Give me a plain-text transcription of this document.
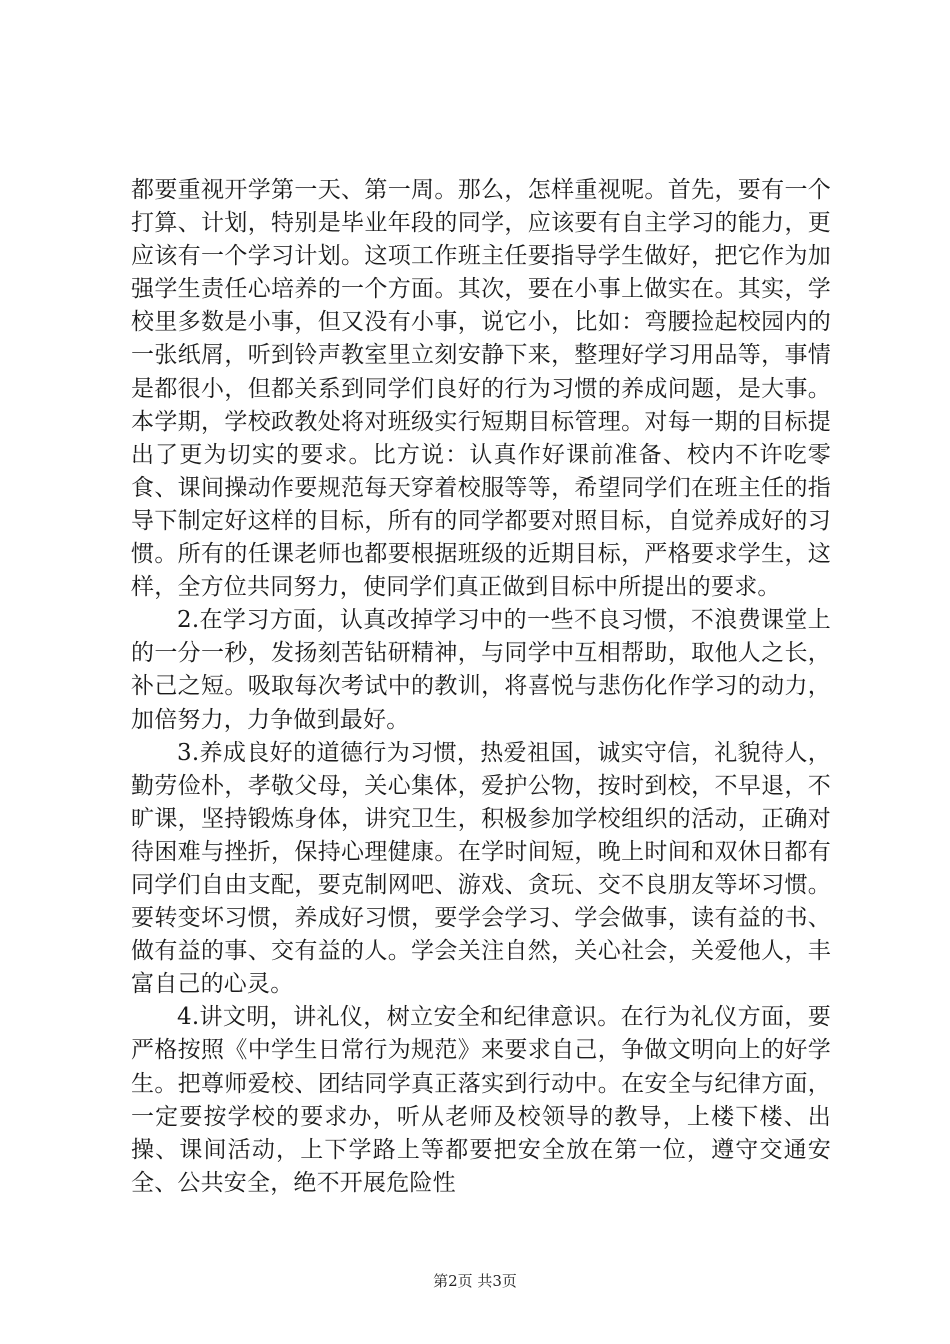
都要重视开学第一天、第一周。那么，怎样重视呢。首先，要有一个打算、计划，特别是毕业年段的同学，应该要有自主学习的能力，更应该有一个学习计划。这项工作班主任要指导学生做好，把它作为加强学生责任心培养的一个方面。其次，要在小事上做实在。其实，学校里多数是小事，但又没有小事，说它小，比如：弯腰捡起校园内的一张纸屑，听到铃声教室里立刻安静下来，整理好学习用品等，事情是都很小，但都关系到同学们良好的行为习惯的养成问题，是大事。本学期，学校政教处将对班级实行短期目标管理。对每一期的目标提出了更为切实的要求。比方说：认真作好课前准备、校内不许吃零食、课间操动作要规范每天穿着校服等等，希望同学们在班主任的指导下制定好这样的目标，所有的同学都要对照目标，自觉养成好的习惯。所有的任课老师也都要根据班级的近期目标，严格要求学生，这样，全方位共同努力，使同学们真正做到目标中所提出的要求。

2.在学习方面，认真改掉学习中的一些不良习惯，不浪费课堂上的一分一秒，发扬刻苦钻研精神，与同学中互相帮助，取他人之长，补己之短。吸取每次考试中的教训，将喜悦与悲伤化作学习的动力，加倍努力，力争做到最好。

3.养成良好的道德行为习惯，热爱祖国，诚实守信，礼貌待人，勤劳俭朴，孝敬父母，关心集体，爱护公物，按时到校，不早退，不旷课，坚持锻炼身体，讲究卫生，积极参加学校组织的活动，正确对待困难与挫折，保持心理健康。在学时间短，晚上时间和双休日都有同学们自由支配，要克制网吧、游戏、贪玩、交不良朋友等坏习惯。要转变坏习惯，养成好习惯，要学会学习、学会做事，读有益的书、做有益的事、交有益的人。学会关注自然，关心社会，关爱他人，丰富自己的心灵。

4.讲文明，讲礼仪，树立安全和纪律意识。在行为礼仪方面，要严格按照《中学生日常行为规范》来要求自己，争做文明向上的好学生。把尊师爱校、团结同学真正落实到行动中。在安全与纪律方面，一定要按学校的要求办，听从老师及校领导的教导，上楼下楼、出操、课间活动，上下学路上等都要把安全放在第一位，遵守交通安全、公共安全，绝不开展危险性

第2页 共3页
